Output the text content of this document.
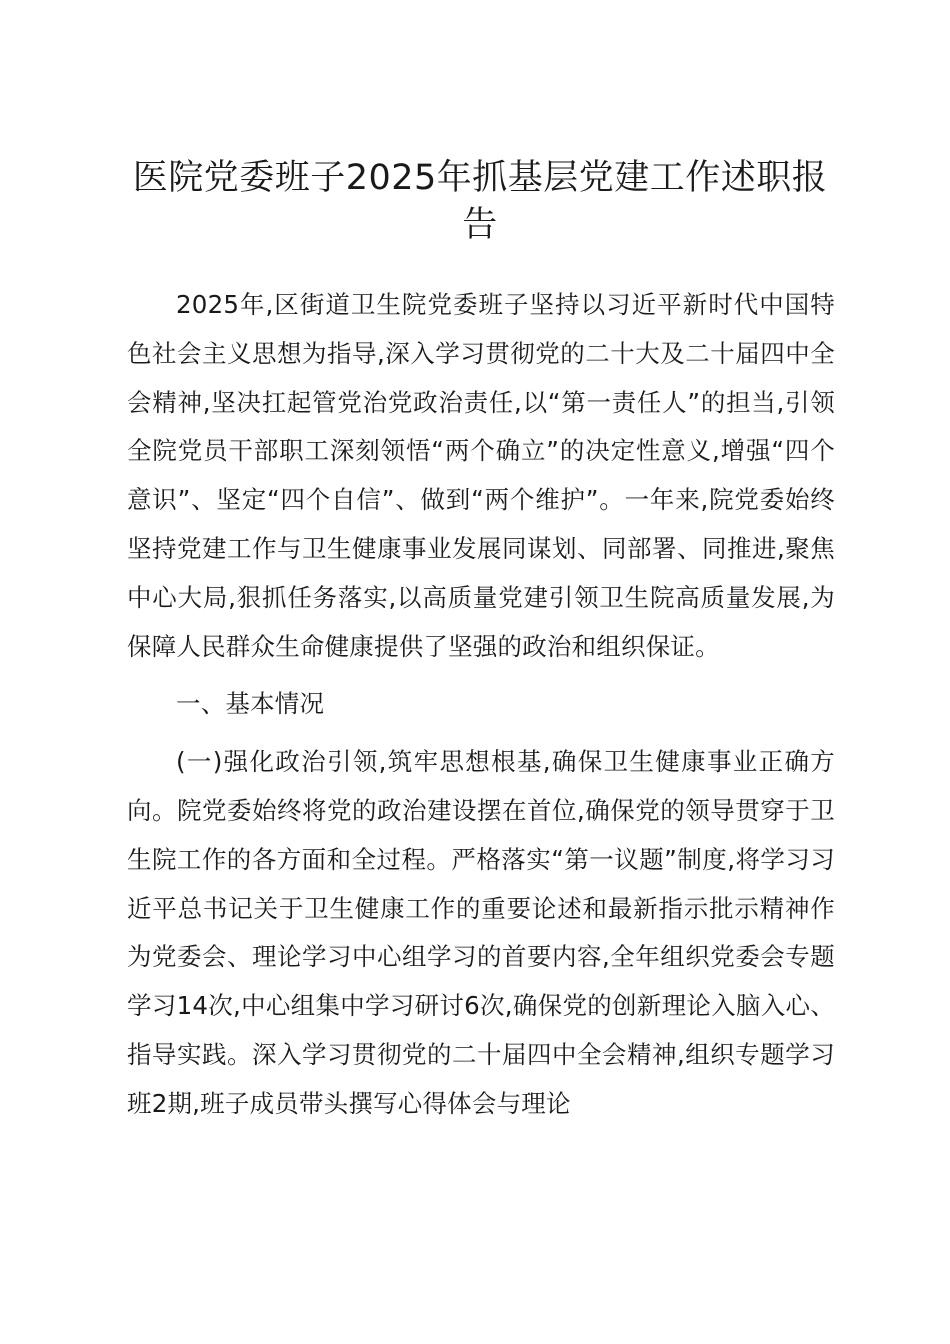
医院党委班子2025年抓基层党建工作述职报告

2025年,区街道卫生院党委班子坚持以习近平新时代中国特色社会主义思想为指导,深入学习贯彻党的二十大及二十届四中全会精神,坚决扛起管党治党政治责任,以“第一责任人”的担当,引领全院党员干部职工深刻领悟“两个确立”的决定性意义,增强“四个意识”、坚定“四个自信”、做到“两个维护”。一年来,院党委始终坚持党建工作与卫生健康事业发展同谋划、同部署、同推进,聚焦中心大局,狠抓任务落实,以高质量党建引领卫生院高质量发展,为保障人民群众生命健康提供了坚强的政治和组织保证。

一、基本情况

(一)强化政治引领,筑牢思想根基,确保卫生健康事业正确方向。院党委始终将党的政治建设摆在首位,确保党的领导贯穿于卫生院工作的各方面和全过程。严格落实“第一议题”制度,将学习习近平总书记关于卫生健康工作的重要论述和最新指示批示精神作为党委会、理论学习中心组学习的首要内容,全年组织党委会专题学习14次,中心组集中学习研讨6次,确保党的创新理论入脑入心、指导实践。深入学习贯彻党的二十届四中全会精神,组织专题学习班2期,班子成员带头撰写心得体会与理论
